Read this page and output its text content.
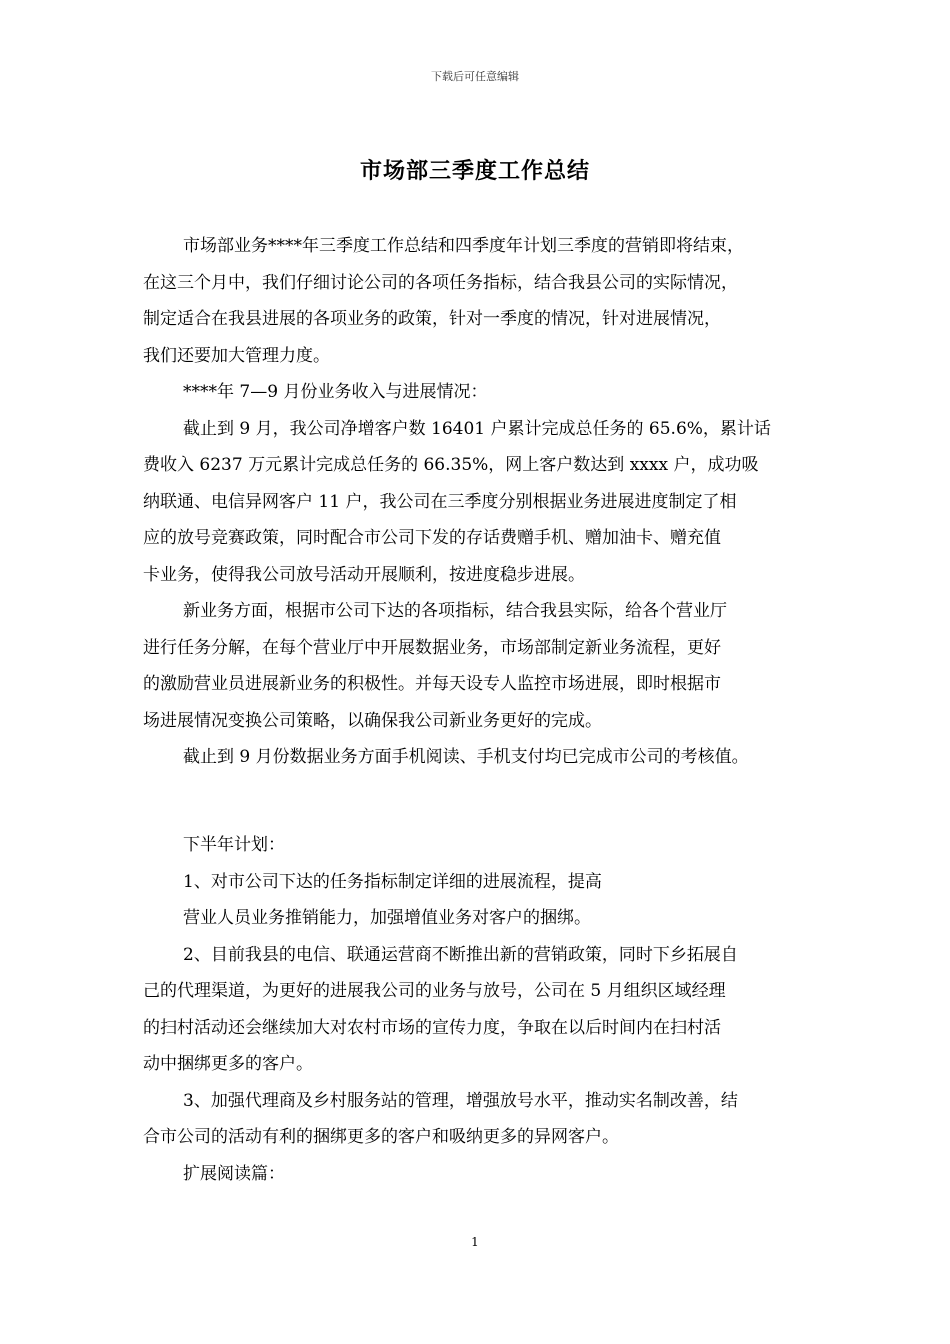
下载后可任意编辑
市场部三季度工作总结
市场部业务****年三季度工作总结和四季度年计划三季度的营销即将结束，
在这三个月中，我们仔细讨论公司的各项任务指标，结合我县公司的实际情况，
制定适合在我县进展的各项业务的政策，针对一季度的情况，针对进展情况，
我们还要加大管理力度。
****年 7—9 月份业务收入与进展情况：
截止到 9 月，我公司净增客户数 16401 户累计完成总任务的 65.6%，累计话
费收入 6237 万元累计完成总任务的 66.35%，网上客户数达到 xxxx 户，成功吸
纳联通、电信异网客户 11 户，我公司在三季度分别根据业务进展进度制定了相
应的放号竞赛政策，同时配合市公司下发的存话费赠手机、赠加油卡、赠充值
卡业务，使得我公司放号活动开展顺利，按进度稳步进展。
新业务方面，根据市公司下达的各项指标，结合我县实际，给各个营业厅
进行任务分解，在每个营业厅中开展数据业务，市场部制定新业务流程，更好
的激励营业员进展新业务的积极性。并每天设专人监控市场进展，即时根据市
场进展情况变换公司策略，以确保我公司新业务更好的完成。
截止到 9 月份数据业务方面手机阅读、手机支付均已完成市公司的考核值。
下半年计划：
1、对市公司下达的任务指标制定详细的进展流程，提高
营业人员业务推销能力，加强增值业务对客户的捆绑。
2、目前我县的电信、联通运营商不断推出新的营销政策，同时下乡拓展自
己的代理渠道，为更好的进展我公司的业务与放号，公司在 5 月组织区域经理
的扫村活动还会继续加大对农村市场的宣传力度，争取在以后时间内在扫村活
动中捆绑更多的客户。
3、加强代理商及乡村服务站的管理，增强放号水平，推动实名制改善，结
合市公司的活动有利的捆绑更多的客户和吸纳更多的异网客户。
扩展阅读篇：
1
